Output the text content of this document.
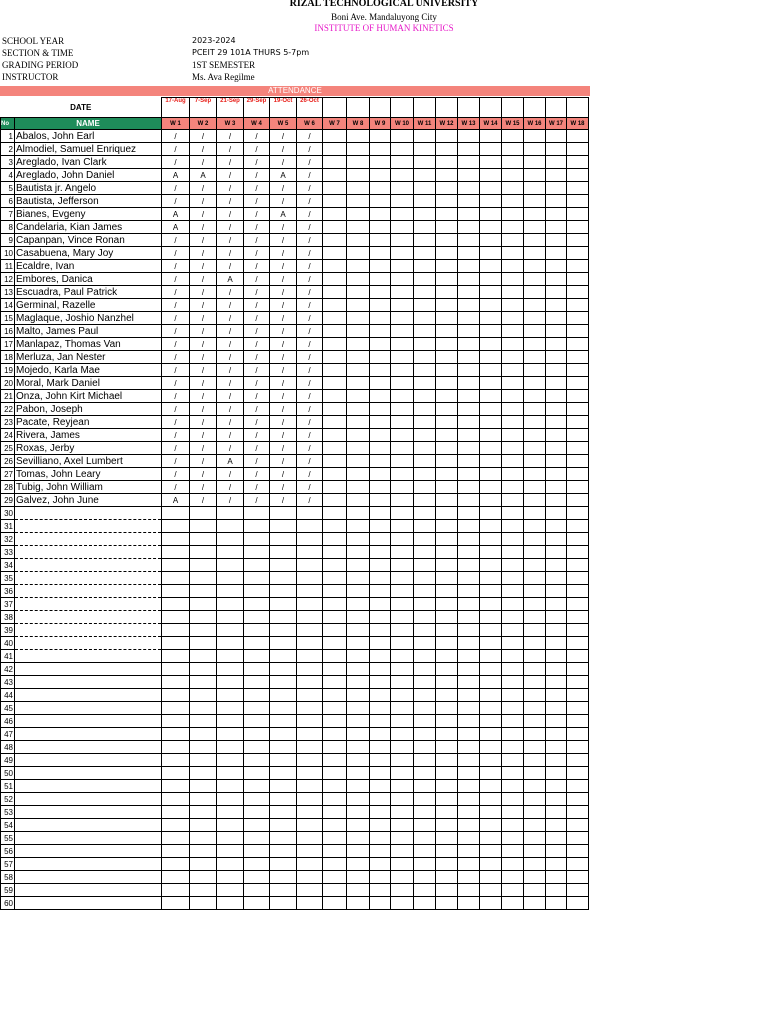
RIZAL TECHNOLOGICAL UNIVERSITY
Boni Ave. Mandaluyong City
INSTITUTE OF HUMAN KINETICS
SCHOOL YEAR	2023-2024
SECTION & TIME	PCEIT 29 101A THURS 5-7pm
GRADING PERIOD	1ST SEMESTER
INSTRUCTOR	Ms. Ava Regilme
ATTENDANCE
DATE		17-Aug	7-Sep	21-Sep	29-Sep	19-Oct	26-Oct												
No	NAME	W 1	W 2	W 3	W 4	W 5	W 6	W 7	W 8	W 9	W 10	W 11	W 12	W 13	W 14	W 15	W 16	W 17	W 18
1	Abalos, John Earl	/	/	/	/	/	/												
2	Almodiel, Samuel Enriquez	/	/	/	/	/	/												
3	Areglado, Ivan Clark	/	/	/	/	/	/												
4	Areglado, John Daniel	A	A	/	/	A	/												
5	Bautista jr. Angelo	/	/	/	/	/	/												
6	Bautista, Jefferson	/	/	/	/	/	/												
7	Bianes, Evgeny	A	/	/	/	A	/												
8	Candelaria, Kian James	A	/	/	/	/	/												
9	Capanpan, Vince Ronan	/	/	/	/	/	/												
10	Casabuena, Mary Joy	/	/	/	/	/	/												
11	Ecaldre, Ivan	/	/	/	/	/	/												
12	Embores, Danica	/	/	A	/	/	/												
13	Escuadra, Paul Patrick	/	/	/	/	/	/												
14	Germinal, Razelle	/	/	/	/	/	/												
15	Maglaque, Joshio Nanzhel	/	/	/	/	/	/												
16	Malto, James Paul	/	/	/	/	/	/												
17	Manlapaz, Thomas Van	/	/	/	/	/	/												
18	Merluza, Jan Nester	/	/	/	/	/	/												
19	Mojedo, Karla Mae	/	/	/	/	/	/												
20	Moral, Mark Daniel	/	/	/	/	/	/												
21	Onza, John Kirt Michael	/	/	/	/	/	/												
22	Pabon, Joseph	/	/	/	/	/	/												
23	Pacate, Reyjean	/	/	/	/	/	/												
24	Rivera, James	/	/	/	/	/	/												
25	Roxas, Jerby	/	/	/	/	/	/												
26	Sevilliano, Axel Lumbert	/	/	A	/	/	/												
27	Tomas, John Leary	/	/	/	/	/	/												
28	Tubig, John William	/	/	/	/	/	/												
29	Galvez, John June	A	/	/	/	/	/												
30																			
31																			
32																			
33																			
34																			
35																			
36																			
37																			
38																			
39																			
40																			
41																			
42																			
43																			
44																			
45																			
46																			
47																			
48																			
49																			
50																			
51																			
52																			
53																			
54																			
55																			
56																			
57																			
58																			
59																			
60																			
